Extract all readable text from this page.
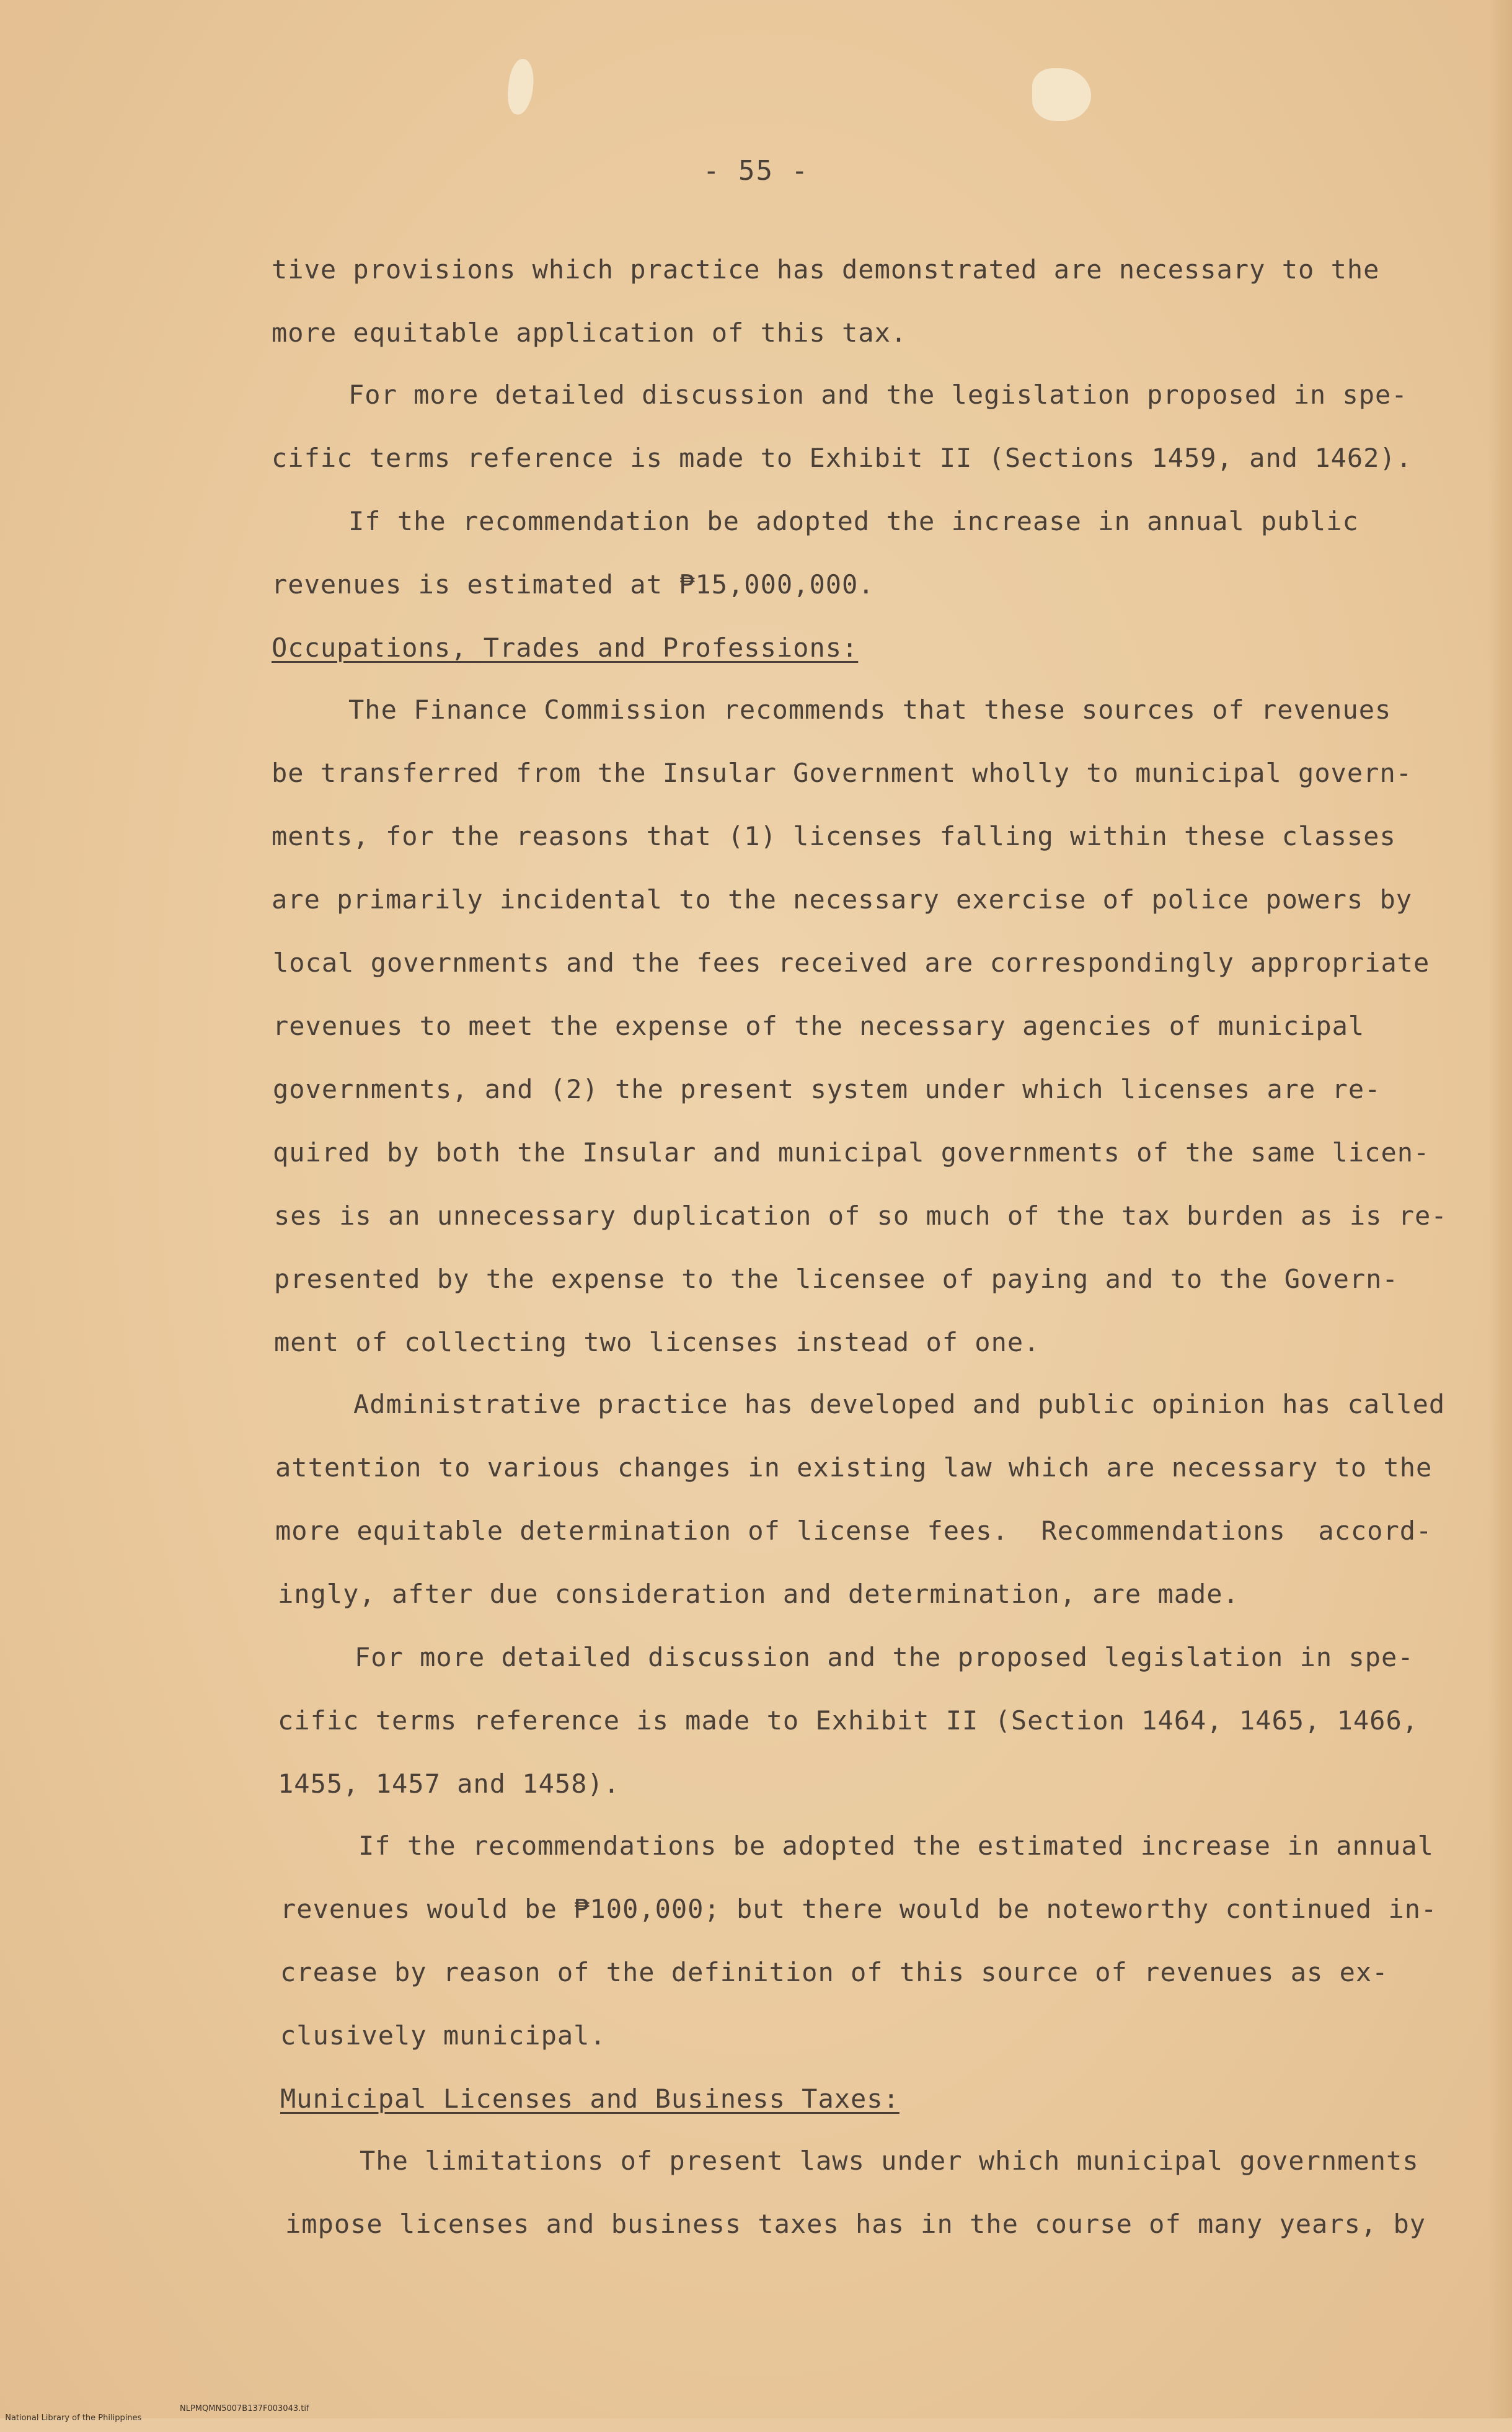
- 55 -
tive provisions which practice has demonstrated are necessary to the
more equitable application of this tax.
For more detailed discussion and the legislation proposed in spe-
cific terms reference is made to Exhibit II (Sections 1459, and 1462).
If the recommendation be adopted the increase in annual public
revenues is estimated at ₱15,000,000.
Occupations, Trades and Professions:
The Finance Commission recommends that these sources of revenues
be transferred from the Insular Government wholly to municipal govern-
ments, for the reasons that (1) licenses falling within these classes
are primarily incidental to the necessary exercise of police powers by
local governments and the fees received are correspondingly appropriate
revenues to meet the expense of the necessary agencies of municipal
governments, and (2) the present system under which licenses are re-
quired by both the Insular and municipal governments of the same licen-
ses is an unnecessary duplication of so much of the tax burden as is re-
presented by the expense to the licensee of paying and to the Govern-
ment of collecting two licenses instead of one.
Administrative practice has developed and public opinion has called
attention to various changes in existing law which are necessary to the
more equitable determination of license fees.  Recommendations  accord-
ingly, after due consideration and determination, are made.
For more detailed discussion and the proposed legislation in spe-
cific terms reference is made to Exhibit II (Section 1464, 1465, 1466,
1455, 1457 and 1458).
If the recommendations be adopted the estimated increase in annual
revenues would be ₱100,000; but there would be noteworthy continued in-
crease by reason of the definition of this source of revenues as ex-
clusively municipal.
Municipal Licenses and Business Taxes:
The limitations of present laws under which municipal governments
impose licenses and business taxes has in the course of many years, by

National Library of the Philippines

NLPMQMN5007B137F003043.tif
